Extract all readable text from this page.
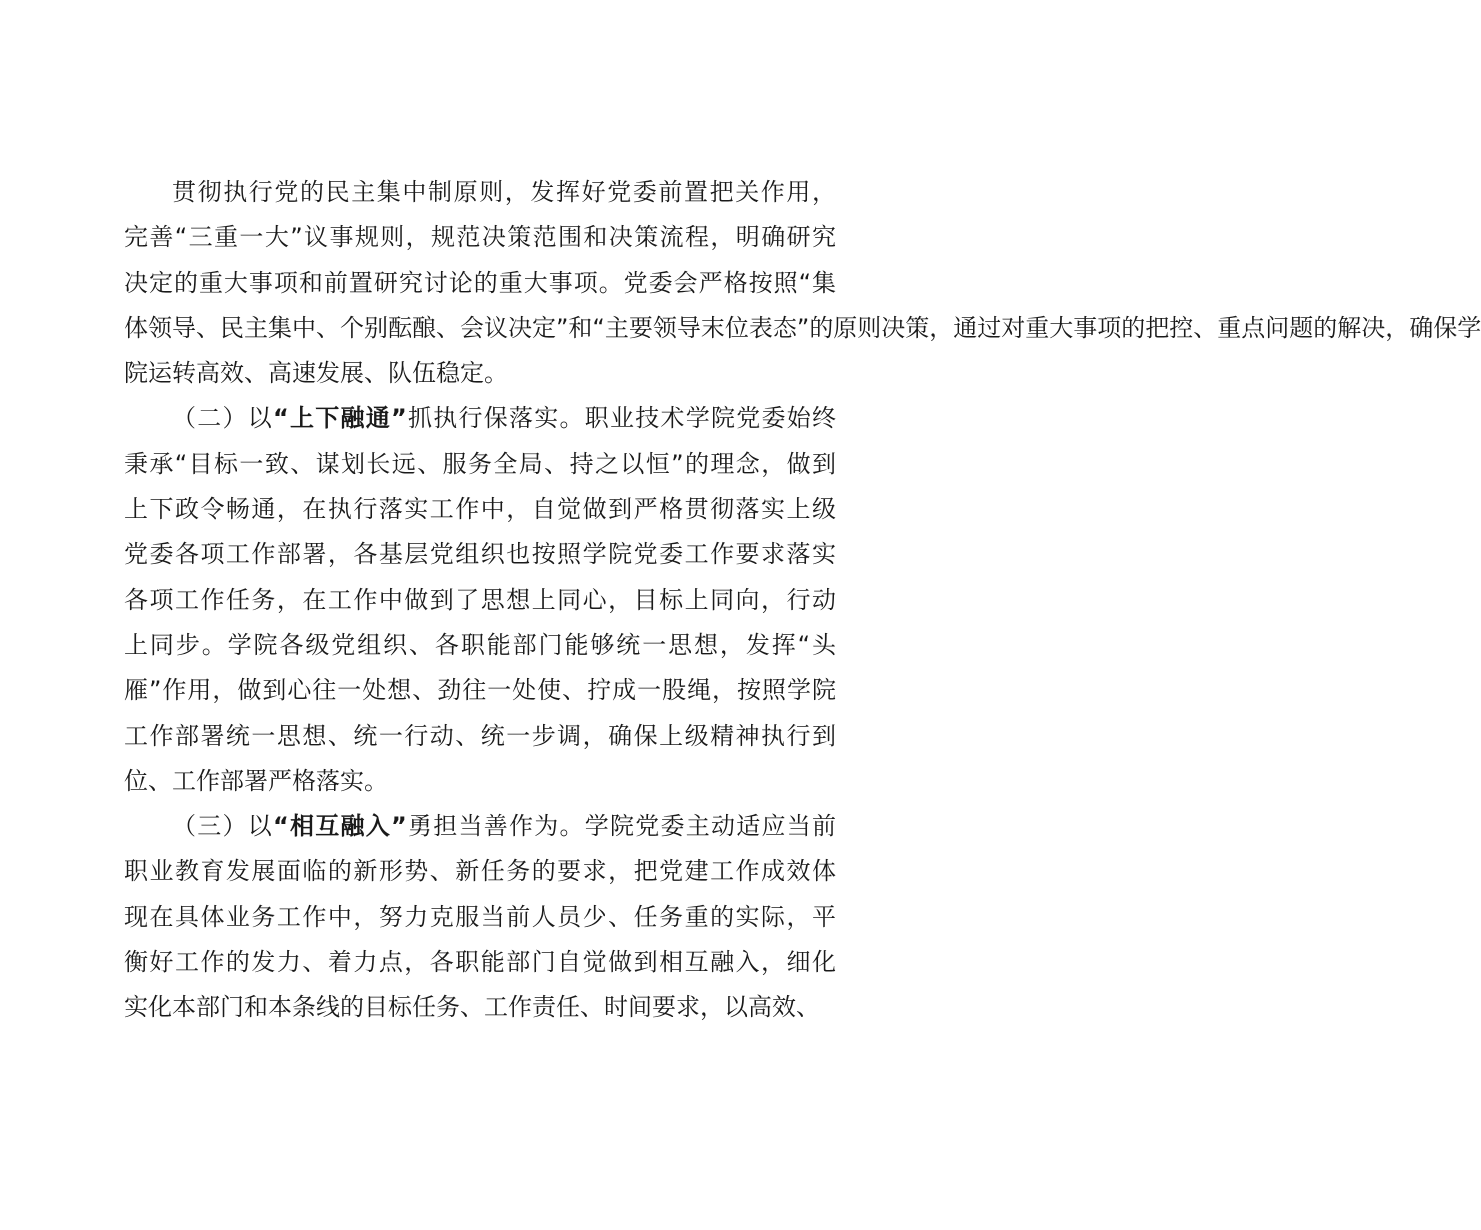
贯彻执行党的民主集中制原则，发挥好党委前置把关作用，完善“三重一大”议事规则，规范决策范围和决策流程，明确研究决定的重大事项和前置研究讨论的重大事项。党委会严格按照“集体领导、民主集中、个别酝酿、会议决定”和“主要领导末位表态”的原则决策，通过对重大事项的把控、重点问题的解决，确保学院运转高效、高速发展、队伍稳定。

（二）以“上下融通”抓执行保落实。职业技术学院党委始终秉承“目标一致、谋划长远、服务全局、持之以恒”的理念，做到上下政令畅通，在执行落实工作中，自觉做到严格贯彻落实上级党委各项工作部署，各基层党组织也按照学院党委工作要求落实各项工作任务，在工作中做到了思想上同心，目标上同向，行动上同步。学院各级党组织、各职能部门能够统一思想，发挥“头雁”作用，做到心往一处想、劲往一处使、拧成一股绳，按照学院工作部署统一思想、统一行动、统一步调，确保上级精神执行到位、工作部署严格落实。

（三）以“相互融入”勇担当善作为。学院党委主动适应当前职业教育发展面临的新形势、新任务的要求，把党建工作成效体现在具体业务工作中，努力克服当前人员少、任务重的实际，平衡好工作的发力、着力点，各职能部门自觉做到相互融入，细化实化本部门和本条线的目标任务、工作责任、时间要求，以高效、
